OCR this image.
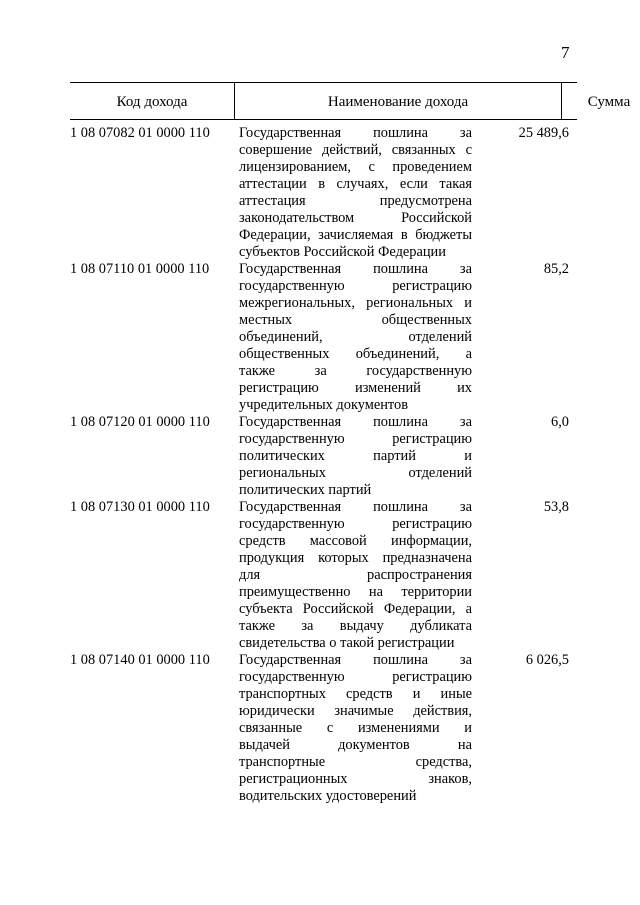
7
Код дохода	Наименование дохода	Сумма
1 08 07082 01 0000 110 Государственная пошлина за
совершение действий, связанных с
лицензированием, с проведением
аттестации в случаях, если такая
аттестация предусмотрена
законодательством Российской
Федерации, зачисляемая в бюджеты
субъектов Российской Федерации
25 489,6
1 08 07110 01 0000 110 Государственная пошлина за
государственную регистрацию
межрегиональных, региональных и
местных общественных
объединений, отделений
общественных объединений, а
также за государственную
регистрацию изменений их
учредительных документов
85,2
1 08 07120 01 0000 110 Государственная пошлина за
государственную регистрацию
политических партий и
региональных отделений
политических партий
6,0
1 08 07130 01 0000 110 Государственная пошлина за
государственную регистрацию
средств массовой информации,
продукция которых предназначена
для распространения
преимущественно на территории
субъекта Российской Федерации, а
также за выдачу дубликата
свидетельства о такой регистрации
53,8
1 08 07140 01 0000 110 Государственная пошлина за
государственную регистрацию
транспортных средств и иные
юридически значимые действия,
связанные с изменениями и
выдачей документов на
транспортные средства,
регистрационных знаков,
водительских удостоверений
6 026,5
